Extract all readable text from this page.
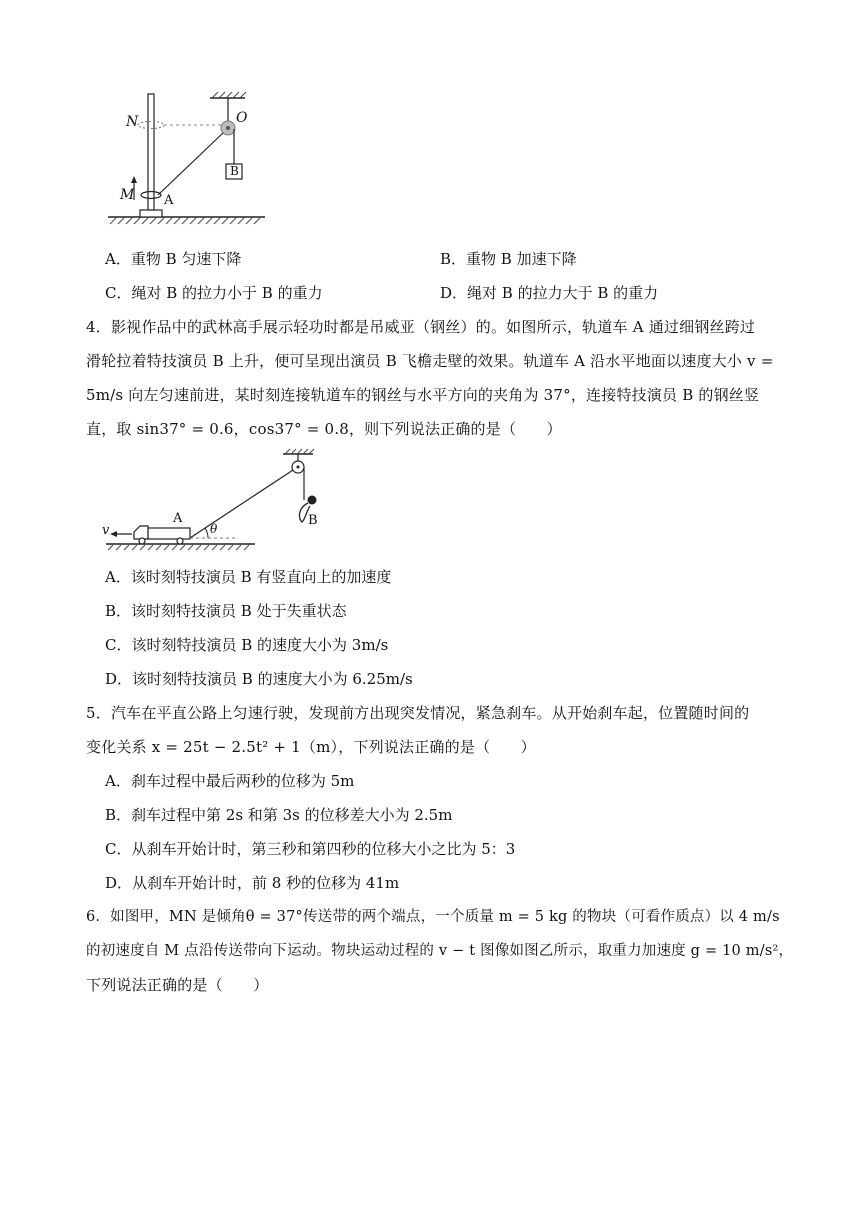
N	O
M A
B
A．重物 B 匀速下降	B．重物 B 加速下降
C．绳对 B 的拉力小于 B 的重力	D．绳对 B 的拉力大于 B 的重力
4．影视作品中的武林高手展示轻功时都是吊威亚（钢丝）的。如图所示，轨道车 A 通过细钢丝跨过
滑轮拉着特技演员 B 上升，便可呈现出演员 B 飞檐走壁的效果。轨道车 A 沿水平地面以速度大小 v =
5m/s 向左匀速前进，某时刻连接轨道车的钢丝与水平方向的夹角为 37°，连接特技演员 B 的钢丝竖
直，取 sin37° = 0.6，cos37° = 0.8，则下列说法正确的是（　　）
v
A
θ
B
A．该时刻特技演员 B 有竖直向上的加速度
B．该时刻特技演员 B 处于失重状态
C．该时刻特技演员 B 的速度大小为 3m/s
D．该时刻特技演员 B 的速度大小为 6.25m/s
5．汽车在平直公路上匀速行驶，发现前方出现突发情况，紧急刹车。从开始刹车起，位置随时间的
变化关系 x = 25t − 2.5t² + 1（m），下列说法正确的是（　　）
A．刹车过程中最后两秒的位移为 5m
B．刹车过程中第 2s 和第 3s 的位移差大小为 2.5m
C．从刹车开始计时，第三秒和第四秒的位移大小之比为 5：3
D．从刹车开始计时，前 8 秒的位移为 41m
6．如图甲，MN 是倾角θ = 37°传送带的两个端点，一个质量 m = 5 kg 的物块（可看作质点）以 4 m/s
的初速度自 M 点沿传送带向下运动。物块运动过程的 v − t 图像如图乙所示，取重力加速度 g = 10 m/s²，
下列说法正确的是（　　）
